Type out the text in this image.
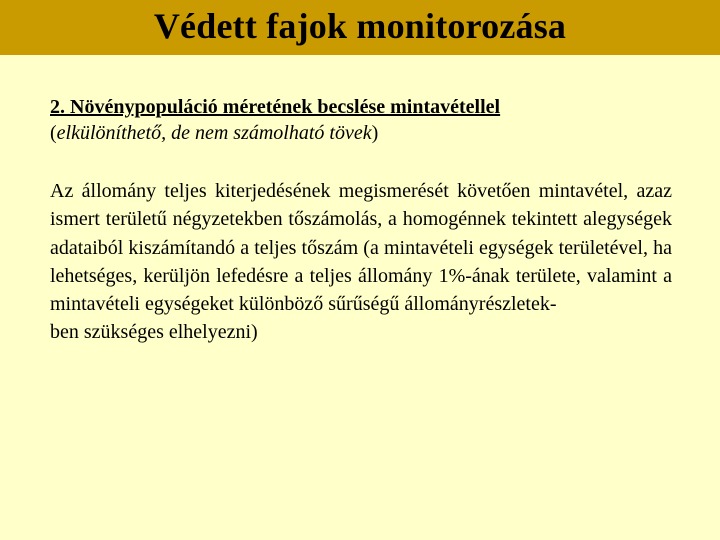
Védett fajok monitorozása

2. Növénypopuláció méretének becslése mintavétellel

(elkülöníthető, de nem számolható tövek)

Az állomány teljes kiterjedésének megismerését követően mintavétel, azaz ismert területű négyzetekben tőszámolás, a homogénnek tekintett alegységek adataiból kiszámítandó a teljes tőszám (a mintavételi egységek területével, ha lehetséges, kerüljön lefedésre a teljes állomány 1%-ának területe, valamint a mintavételi egységeket különböző sűrűségű állományrészletek-
ben szükséges elhelyezni)
